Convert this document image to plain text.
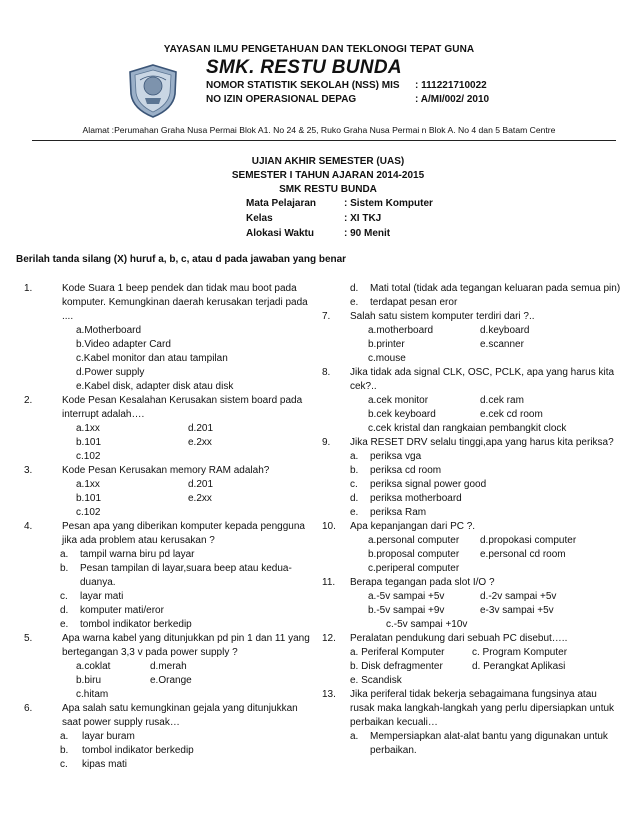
YAYASAN ILMU PENGETAHUAN DAN TEKLONOGI TEPAT GUNA
SMK. RESTU BUNDA
NOMOR STATISTIK SEKOLAH (NSS) MIS : 111221710022
NO IZIN OPERASIONAL DEPAG	: A/MI/002/ 2010
Alamat :Perumahan Graha Nusa Permai Blok A1. No 24 & 25, Ruko Graha Nusa Permai n Blok A. No 4 dan 5 Batam Centre
UJIAN AKHIR SEMESTER (UAS)
SEMESTER I TAHUN AJARAN 2014-2015
SMK RESTU BUNDA
Mata Pelajaran	: Sistem Komputer
Kelas	: XI TKJ
Alokasi Waktu	: 90 Menit
Berilah tanda silang (X) huruf a, b, c, atau d pada jawaban yang benar
1.	Kode Suara 1 beep pendek dan tidak mau boot pada komputer. Kemungkinan daerah kerusakan terjadi pada ....
a.Motherboard
b.Video adapter Card
c.Kabel monitor dan atau tampilan
d.Power supply
e.Kabel disk, adapter disk atau disk
2.	Kode Pesan Kesalahan Kerusakan sistem board pada interrupt adalah….
a.1xx	d.201
b.101	e.2xx
c.102
3.	Kode Pesan Kerusakan memory RAM adalah?
a.1xx	d.201
b.101	e.2xx
c.102
4.	Pesan apa yang diberikan komputer kepada pengguna jika ada problem atau kerusakan ?
a. tampil warna biru pd layar
b. Pesan tampilan di layar,suara beep atau kedua-duanya.
c. layar mati
d. komputer mati/eror
e. tombol indikator berkedip
5.	Apa warna kabel yang ditunjukkan pd pin 1 dan 11 yang bertegangan 3,3 v pada power supply ?
a.coklat	d.merah
b.biru	e.Orange
c.hitam
6.	Apa salah satu kemungkinan gejala yang ditunjukkan saat power supply rusak…
a. layar buram
b. tombol indikator berkedip
c. kipas mati
d. Mati total (tidak ada tegangan keluaran pada semua pin)
e. terdapat pesan eror
7. Salah satu sistem komputer terdiri dari ?..
a.motherboard	d.keyboard
b.printer	e.scanner
c.mouse
8. Jika tidak ada signal CLK, OSC, PCLK, apa yang harus kita cek?..
a.cek monitor	d.cek ram
b.cek keyboard	e.cek cd room
c.cek kristal dan rangkaian pembangkit clock
9. Jika RESET DRV selalu tinggi,apa yang harus kita periksa?
a. periksa vga
b. periksa cd room
c. periksa signal power good
d. periksa motherboard
e. periksa Ram
10. Apa kepanjangan dari PC ?.
a.personal computer d.propokasi computer
b.proposal computer e.personal cd room
c.periperal computer
11. Berapa tegangan pada slot I/O ?
a.-5v sampai +5v	d.-2v sampai +5v
b.-5v sampai +9v	e-3v sampai +5v
c.-5v sampai +10v
12. Peralatan pendukung dari sebuah PC disebut…..
a. Periferal Komputer	c. Program Komputer
b. Disk defragmenter	d. Perangkat Aplikasi
e. Scandisk
13. Jika periferal tidak bekerja sebagaimana fungsinya atau rusak maka langkah-langkah yang perlu dipersiapkan untuk perbaikan kecuali…
a. Mempersiapkan alat-alat bantu yang digunakan untuk perbaikan.
